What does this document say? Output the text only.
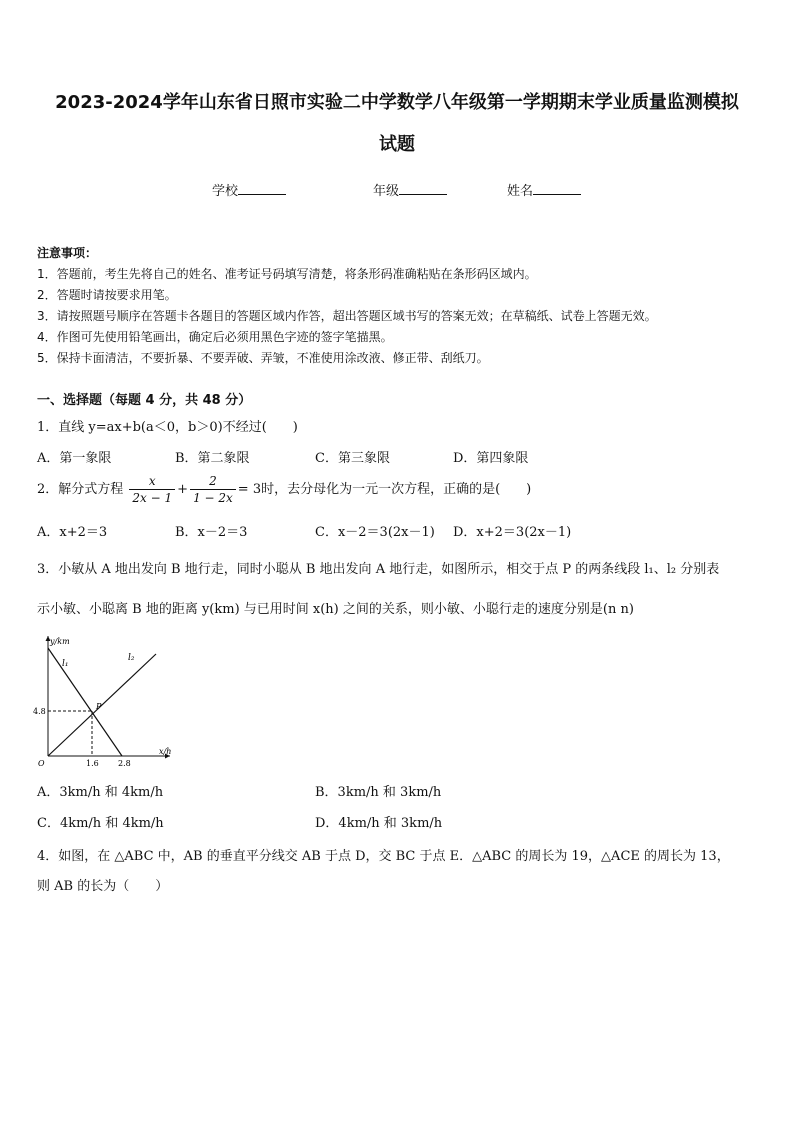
2023-2024学年山东省日照市实验二中学数学八年级第一学期期末学业质量监测模拟
试题
学校	年级	姓名
注意事项：
1．答题前，考生先将自己的姓名、准考证号码填写清楚，将条形码准确粘贴在条形码区域内。
2．答题时请按要求用笔。
3．请按照题号顺序在答题卡各题目的答题区域内作答，超出答题区域书写的答案无效；在草稿纸、试卷上答题无效。
4．作图可先使用铅笔画出，确定后必须用黑色字迹的签字笔描黑。
5．保持卡面清洁，不要折暴、不要弄破、弄皱，不准使用涂改液、修正带、刮纸刀。
一、选择题（每题 4 分，共 48 分）
1．直线 y=ax+b(a＜0，b＞0)不经过(　　)
A．第一象限	B．第二象限	C．第三象限	D．第四象限
2．解分式方程 $\frac{x}{2x - 1} + \frac{2}{1 - 2x} = 3$时，去分母化为一元一次方程，正确的是(　　)
A．x+2＝3	B．x－2＝3	C．x－2＝3(2x－1) D．x+2＝3(2x－1)
3．小敏从 A 地出发向 B 地行走，同时小聪从 B 地出发向 A 地行走，如图所示，相交于点 P 的两条线段 l₁、l₂ 分别表
示小敏、小聪离 B 地的距离 y(km) 与已用时间 x(h) 之间的关系，则小敏、小聪行走的速度分别是(n n)
y/km
x/h
O
4.8
1.6 2.8
l₁
l₂
P
A．3km/h 和 4km/h	B．3km/h 和 3km/h
C．4km/h 和 4km/h	D．4km/h 和 3km/h
4．如图，在 △ABC 中，AB 的垂直平分线交 AB 于点 D，交 BC 于点 E．△ABC 的周长为 19，△ACE 的周长为 13，
则 AB 的长为（　　）
